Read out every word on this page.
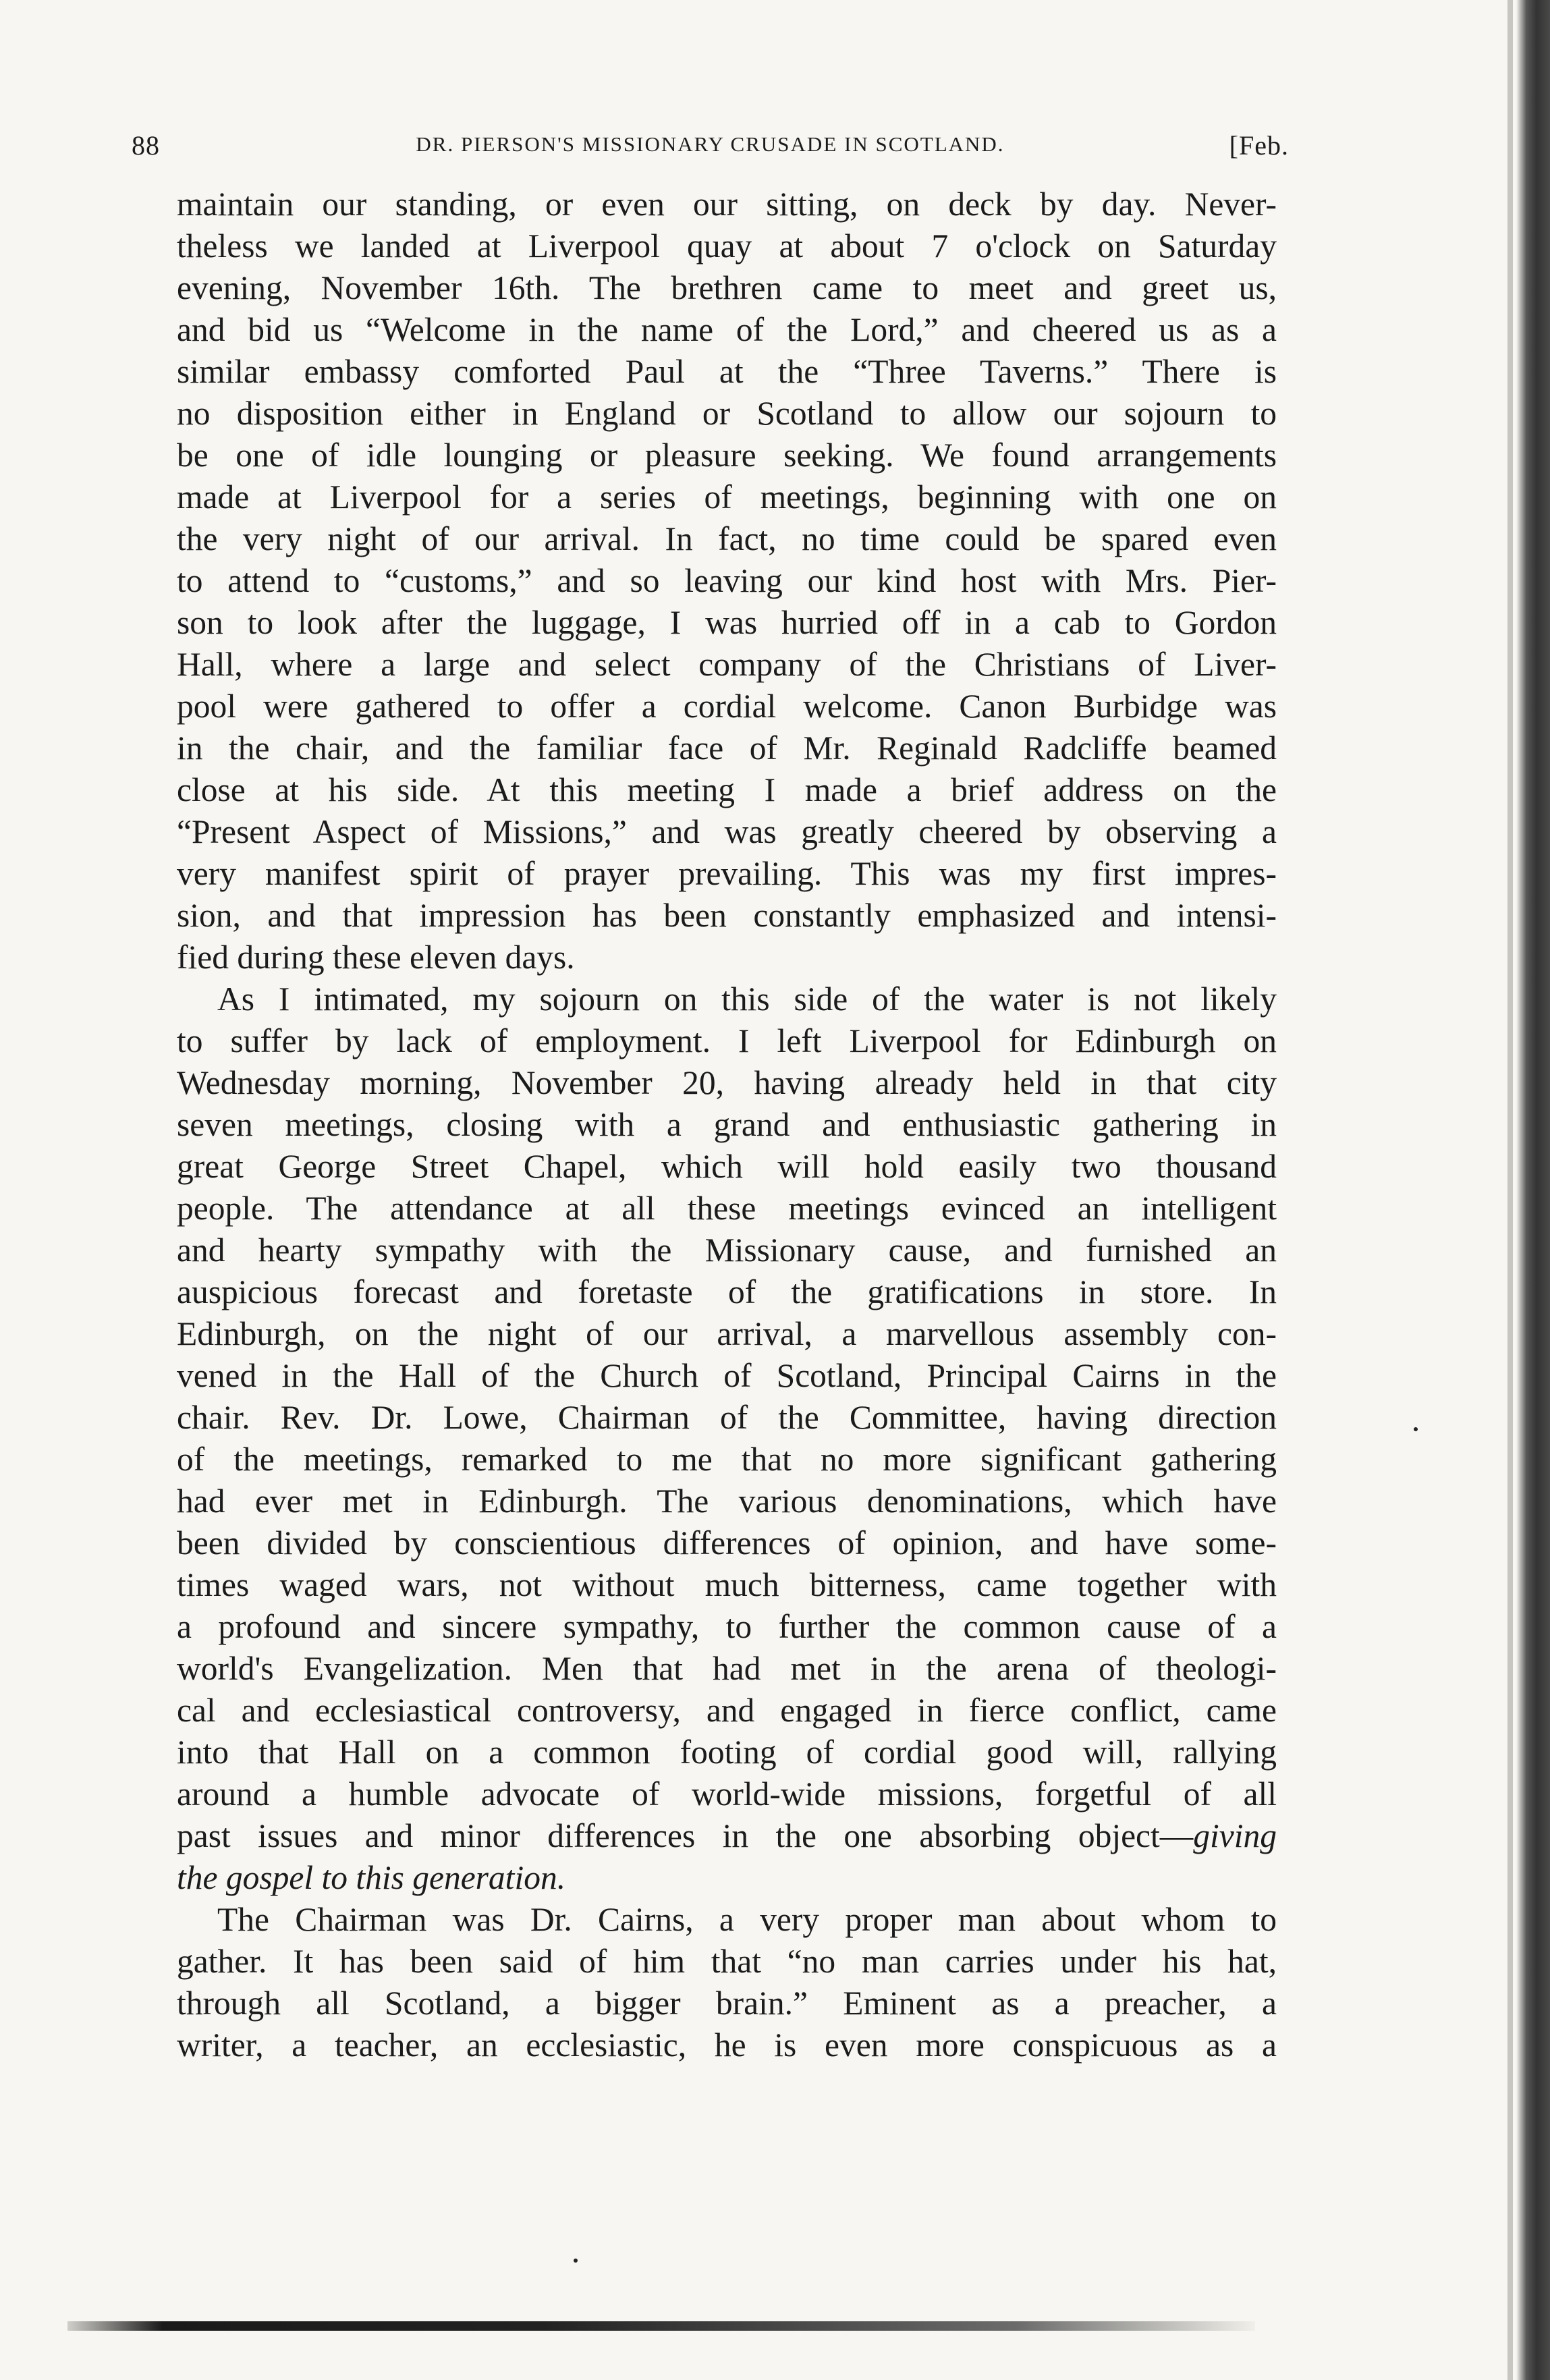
88	DR. PIERSON'S MISSIONARY CRUSADE IN SCOTLAND.	[Feb.
maintain our standing, or even our sitting, on deck by day. Never-
theless we landed at Liverpool quay at about 7 o'clock on Saturday
evening, November 16th. The brethren came to meet and greet us,
and bid us “Welcome in the name of the Lord,” and cheered us as a
similar embassy comforted Paul at the “Three Taverns.” There is
no disposition either in England or Scotland to allow our sojourn to
be one of idle lounging or pleasure seeking. We found arrangements
made at Liverpool for a series of meetings, beginning with one on
the very night of our arrival. In fact, no time could be spared even
to attend to “customs,” and so leaving our kind host with Mrs. Pier-
son to look after the luggage, I was hurried off in a cab to Gordon
Hall, where a large and select company of the Christians of Liver-
pool were gathered to offer a cordial welcome. Canon Burbidge was
in the chair, and the familiar face of Mr. Reginald Radcliffe beamed
close at his side. At this meeting I made a brief address on the
“Present Aspect of Missions,” and was greatly cheered by observing a
very manifest spirit of prayer prevailing. This was my first impres-
sion, and that impression has been constantly emphasized and intensi-
fied during these eleven days.
As I intimated, my sojourn on this side of the water is not likely
to suffer by lack of employment. I left Liverpool for Edinburgh on
Wednesday morning, November 20, having already held in that city
seven meetings, closing with a grand and enthusiastic gathering in
great George Street Chapel, which will hold easily two thousand
people. The attendance at all these meetings evinced an intelligent
and hearty sympathy with the Missionary cause, and furnished an
auspicious forecast and foretaste of the gratifications in store. In
Edinburgh, on the night of our arrival, a marvellous assembly con-
vened in the Hall of the Church of Scotland, Principal Cairns in the
chair. Rev. Dr. Lowe, Chairman of the Committee, having direction
of the meetings, remarked to me that no more significant gathering
had ever met in Edinburgh. The various denominations, which have
been divided by conscientious differences of opinion, and have some-
times waged wars, not without much bitterness, came together with
a profound and sincere sympathy, to further the common cause of a
world's Evangelization. Men that had met in the arena of theologi-
cal and ecclesiastical controversy, and engaged in fierce conflict, came
into that Hall on a common footing of cordial good will, rallying
around a humble advocate of world-wide missions, forgetful of all
past issues and minor differences in the one absorbing object—giving
the gospel to this generation.
The Chairman was Dr. Cairns, a very proper man about whom to
gather. It has been said of him that “no man carries under his hat,
through all Scotland, a bigger brain.” Eminent as a preacher, a
writer, a teacher, an ecclesiastic, he is even more conspicuous as a
